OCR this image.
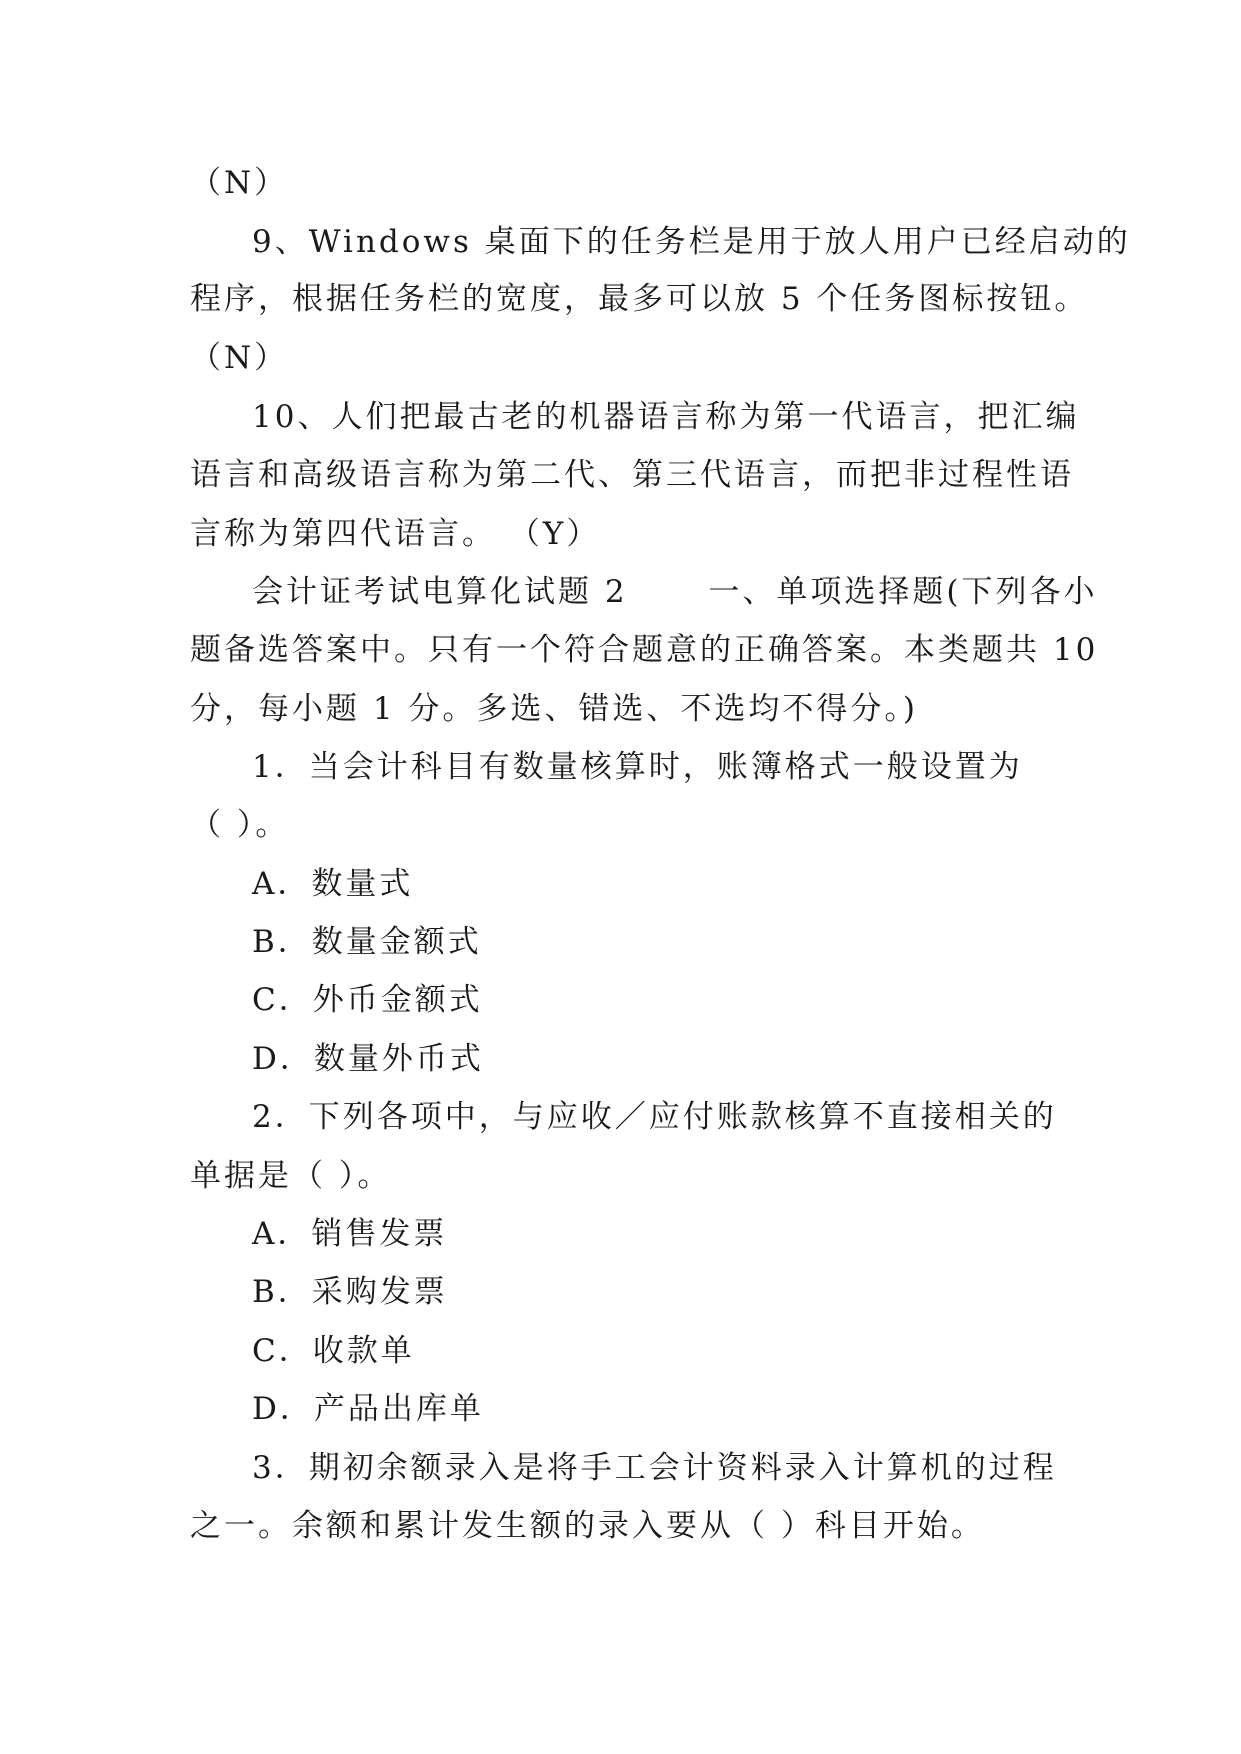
（N）
9、Windows 桌面下的任务栏是用于放人用户已经启动的
程序，根据任务栏的宽度，最多可以放 5 个任务图标按钮。
（N）
10、人们把最古老的机器语言称为第一代语言，把汇编
语言和高级语言称为第二代、第三代语言，而把非过程性语
言称为第四代语言。 （Y）
会计证考试电算化试题 2 　　一、单项选择题(下列各小
题备选答案中。只有一个符合题意的正确答案。本类题共 10
分，每小题 1 分。多选、错选、不选均不得分。)
1．当会计科目有数量核算时，账簿格式一般设置为
（ ）。
A．数量式
B．数量金额式
C．外币金额式
D．数量外币式
2．下列各项中，与应收／应付账款核算不直接相关的
单据是（ ）。
A．销售发票
B．采购发票
C．收款单
D．产品出库单
3．期初余额录入是将手工会计资料录入计算机的过程
之一。余额和累计发生额的录入要从（ ）科目开始。
